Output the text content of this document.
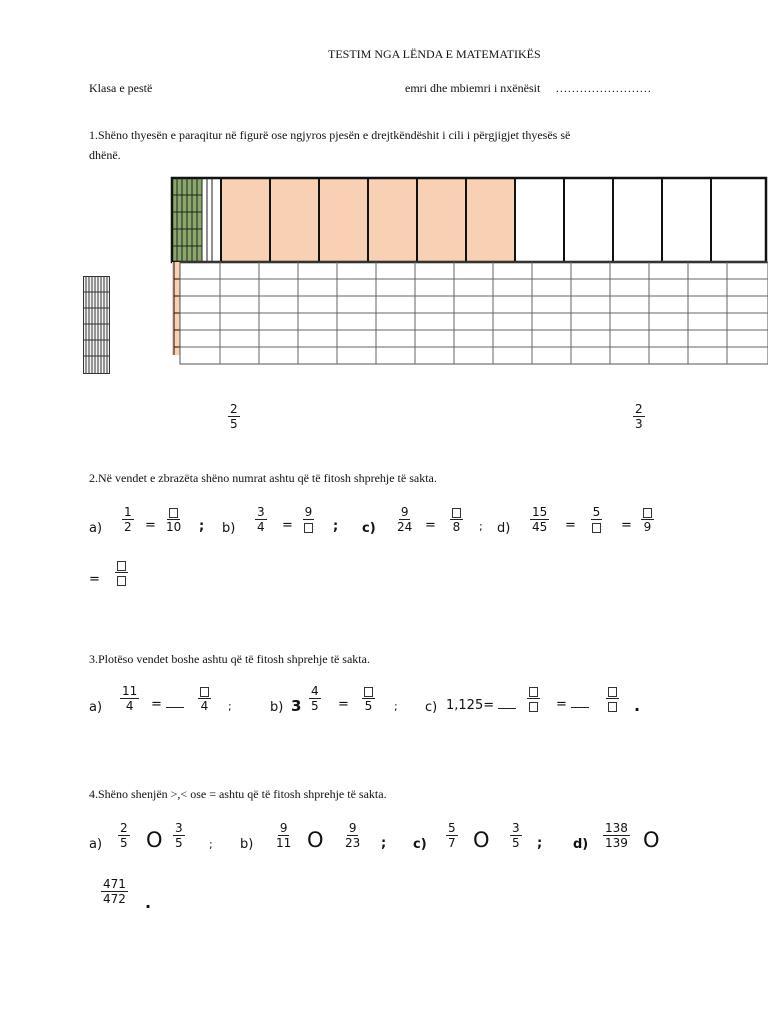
TESTIM NGA LËNDA E MATEMATIKËS
Klasa e pestë	emri dhe mbiemri i nxënësit ……………………
1.Shëno thyesën e paraqitur në figurë ose ngjyros pjesën e drejtkëndëshit i cili i përgjigjet thyesës së
dhënë.
$\frac{2}{5}$	$\frac{2}{3}$
2.Në vendet e zbrazëta shëno numrat ashtu që të fitosh shprehje të sakta.
$a) \frac{1}{2} = 10$ ; $b) \frac{3}{4}$ =
9
; $c) \frac{9}{24} = 8$ ; $d) \frac{15}{45}$ =
5
= 9
=
3.Plotëso vendet boshe ashtu që të fitosh shprehje të sakta.
$a) \frac{11}{4}$ =	4 ;	b) $3 \frac{4}{5} = 5$ ; c) 1,125=	=	.
4.Shëno shenjën >,< ose = ashtu që të fitosh shprehje të sakta.
$a) \frac{2}{5}$ O $\frac{3}{5}$ ; $b) \frac{9}{11}$ O $\frac{9}{23}$ ; $c) \frac{5}{7}$ O $\frac{3}{5}$ ; $d) \frac{138}{139}$ O
$\frac{471}{472}$ .
